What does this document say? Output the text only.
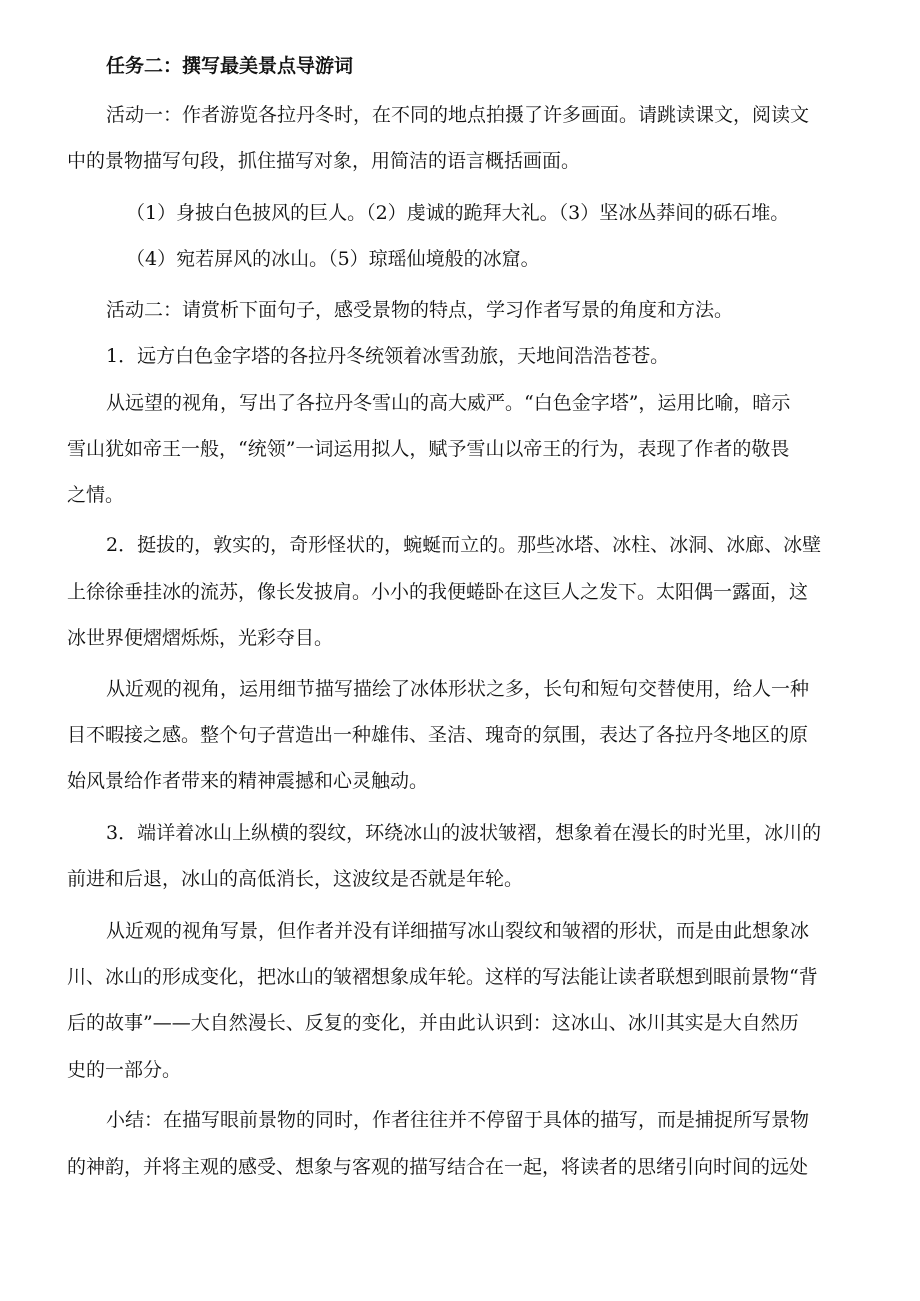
任务二：撰写最美景点导游词

活动一：作者游览各拉丹冬时，在不同的地点拍摄了许多画面。请跳读课文，阅读文

中的景物描写句段，抓住描写对象，用简洁的语言概括画面。

（1）身披白色披风的巨人。（2）虔诚的跪拜大礼。（3）坚冰丛莽间的砾石堆。

（4）宛若屏风的冰山。（5）琼瑶仙境般的冰窟。

活动二：请赏析下面句子，感受景物的特点，学习作者写景的角度和方法。

1．远方白色金字塔的各拉丹冬统领着冰雪劲旅，天地间浩浩苍苍。

从远望的视角，写出了各拉丹冬雪山的高大威严。“白色金字塔”，运用比喻，暗示

雪山犹如帝王一般，“统领”一词运用拟人，赋予雪山以帝王的行为，表现了作者的敬畏

之情。

2．挺拔的，敦实的，奇形怪状的，蜿蜒而立的。那些冰塔、冰柱、冰洞、冰廊、冰壁

上徐徐垂挂冰的流苏，像长发披肩。小小的我便蜷卧在这巨人之发下。太阳偶一露面，这

冰世界便熠熠烁烁，光彩夺目。

从近观的视角，运用细节描写描绘了冰体形状之多，长句和短句交替使用，给人一种

目不暇接之感。整个句子营造出一种雄伟、圣洁、瑰奇的氛围，表达了各拉丹冬地区的原

始风景给作者带来的精神震撼和心灵触动。

3．端详着冰山上纵横的裂纹，环绕冰山的波状皱褶，想象着在漫长的时光里，冰川的

前进和后退，冰山的高低消长，这波纹是否就是年轮。

从近观的视角写景，但作者并没有详细描写冰山裂纹和皱褶的形状，而是由此想象冰

川、冰山的形成变化，把冰山的皱褶想象成年轮。这样的写法能让读者联想到眼前景物“背

后的故事”——大自然漫长、反复的变化，并由此认识到：这冰山、冰川其实是大自然历

史的一部分。

小结：在描写眼前景物的同时，作者往往并不停留于具体的描写，而是捕捉所写景物

的神韵，并将主观的感受、想象与客观的描写结合在一起，将读者的思绪引向时间的远处
